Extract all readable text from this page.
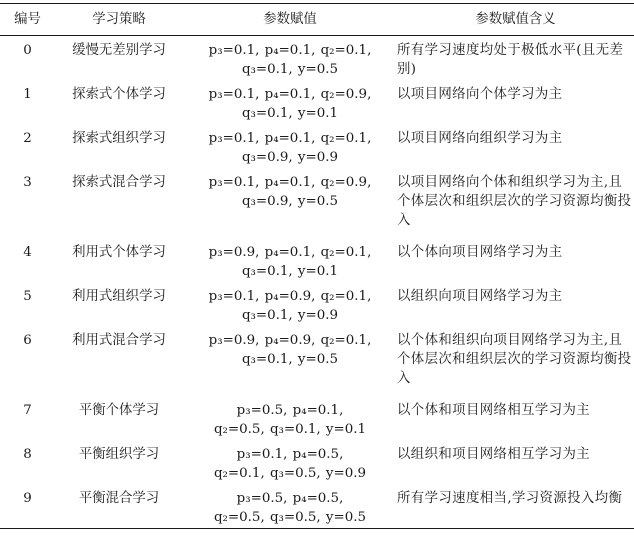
编号	学习策略	参数赋值	参数赋值含义
0	缓慢无差别学习	p₃=0.1, p₄=0.1, q₂=0.1,
q₃=0.1, y=0.5	所有学习速度均处于极低水平(且无差别)

1	探索式个体学习	p₃=0.1, p₄=0.1, q₂=0.9,
q₃=0.1, y=0.1	以项目网络向个体学习为主

2	探索式组织学习	p₃=0.1, p₄=0.1, q₂=0.1,
q₃=0.9, y=0.9	以项目网络向组织学习为主

3	探索式混合学习	p₃=0.1, p₄=0.1, q₂=0.9,
q₃=0.9, y=0.5	以项目网络向个体和组织学习为主,且个体层次和组织层次的学习资源均衡投入

4	利用式个体学习	p₃=0.9, p₄=0.1, q₂=0.1,
q₃=0.1, y=0.1	以个体向项目网络学习为主

5	利用式组织学习	p₃=0.1, p₄=0.9, q₂=0.1,
q₃=0.1, y=0.9	以组织向项目网络学习为主

6	利用式混合学习	p₃=0.9, p₄=0.9, q₂=0.1,
q₃=0.1, y=0.5	以个体和组织向项目网络学习为主,且个体层次和组织层次的学习资源均衡投入

7	平衡个体学习	p₃=0.5, p₄=0.1,
q₂=0.5, q₃=0.1, y=0.1	以个体和项目网络相互学习为主

8	平衡组织学习	p₃=0.1, p₄=0.5,
q₂=0.1, q₃=0.5, y=0.9	以组织和项目网络相互学习为主

9	平衡混合学习	p₃=0.5, p₄=0.5,
q₂=0.5, q₃=0.5, y=0.5	所有学习速度相当,学习资源投入均衡
